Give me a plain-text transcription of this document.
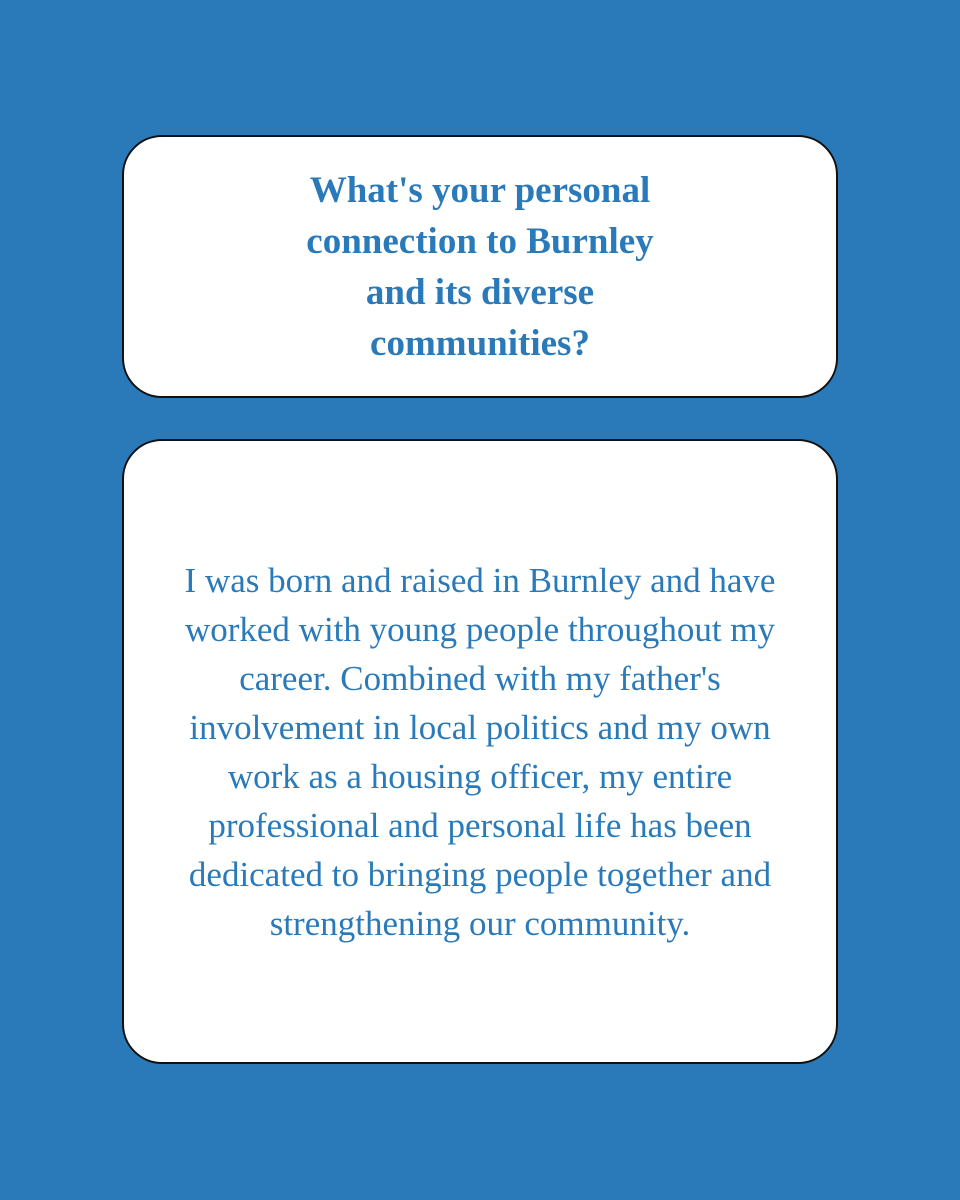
What's your personal
connection to Burnley
and its diverse
communities?

I was born and raised in Burnley and have
worked with young people throughout my
career. Combined with my father's
involvement in local politics and my own
work as a housing officer, my entire
professional and personal life has been
dedicated to bringing people together and
strengthening our community.
